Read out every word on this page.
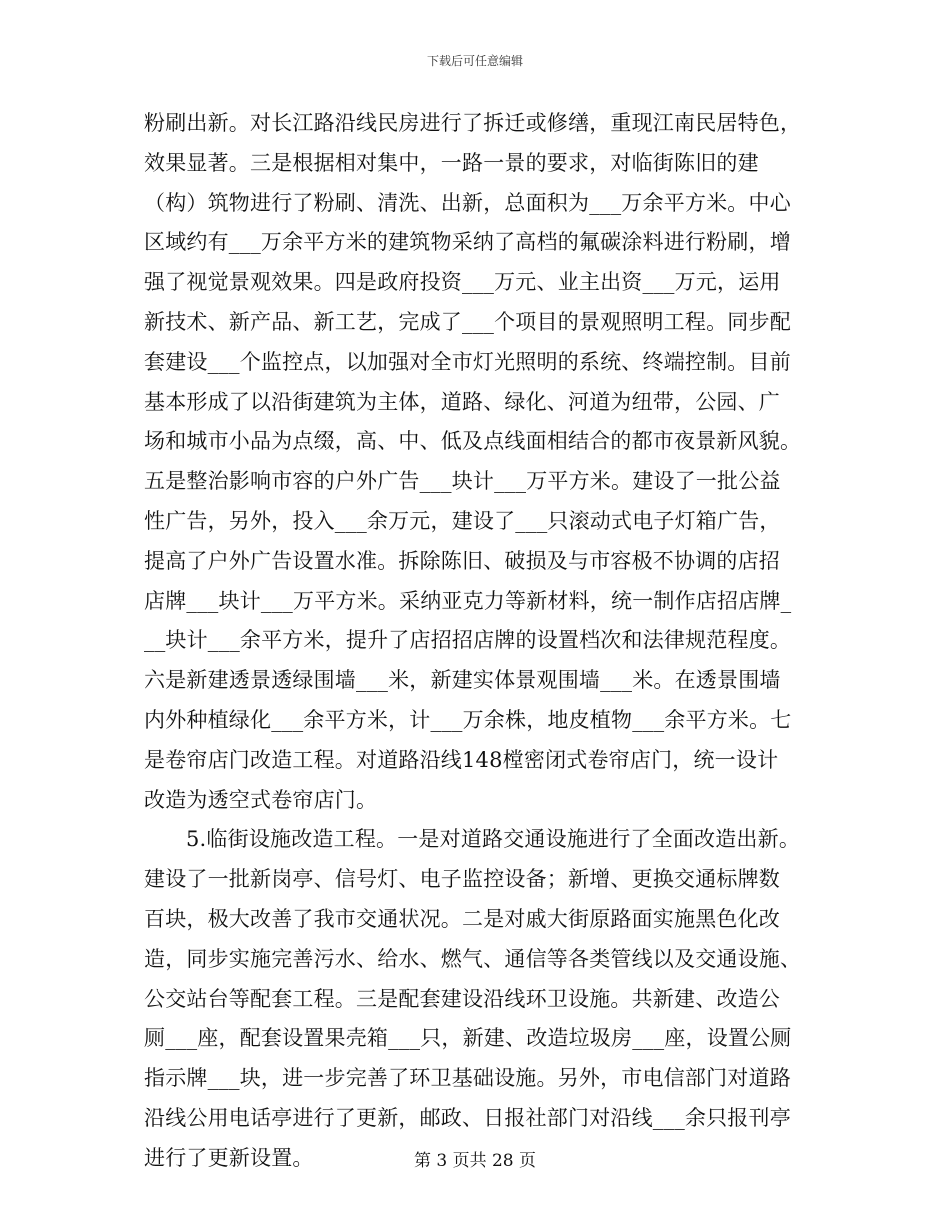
下载后可任意编辑

粉刷出新。对长江路沿线民房进行了拆迁或修缮，重现江南民居特色，
效果显著。三是根据相对集中，一路一景的要求，对临街陈旧的建
（构）筑物进行了粉刷、清洗、出新，总面积为___万余平方米。中心
区域约有___万余平方米的建筑物采纳了高档的氟碳涂料进行粉刷，增
强了视觉景观效果。四是政府投资___万元、业主出资___万元，运用
新技术、新产品、新工艺，完成了___个项目的景观照明工程。同步配
套建设___个监控点，以加强对全市灯光照明的系统、终端控制。目前
基本形成了以沿街建筑为主体，道路、绿化、河道为纽带，公园、广
场和城市小品为点缀，高、中、低及点线面相结合的都市夜景新风貌。
五是整治影响市容的户外广告___块计___万平方米。建设了一批公益
性广告，另外，投入___余万元，建设了___只滚动式电子灯箱广告，
提高了户外广告设置水准。拆除陈旧、破损及与市容极不协调的店招
店牌___块计___万平方米。采纳亚克力等新材料，统一制作店招店牌_
__块计___余平方米，提升了店招招店牌的设置档次和法律规范程度。
六是新建透景透绿围墙___米，新建实体景观围墙___米。在透景围墙
内外种植绿化___余平方米，计___万余株，地皮植物___余平方米。七
是卷帘店门改造工程。对道路沿线148樘密闭式卷帘店门，统一设计
改造为透空式卷帘店门。

5.临街设施改造工程。一是对道路交通设施进行了全面改造出新。
建设了一批新岗亭、信号灯、电子监控设备；新增、更换交通标牌数
百块，极大改善了我市交通状况。二是对戚大街原路面实施黑色化改
造，同步实施完善污水、给水、燃气、通信等各类管线以及交通设施、
公交站台等配套工程。三是配套建设沿线环卫设施。共新建、改造公
厕___座，配套设置果壳箱___只，新建、改造垃圾房___座，设置公厕
指示牌___块，进一步完善了环卫基础设施。另外，市电信部门对道路
沿线公用电话亭进行了更新，邮政、日报社部门对沿线___余只报刊亭
进行了更新设置。	第 3 页共 28 页
